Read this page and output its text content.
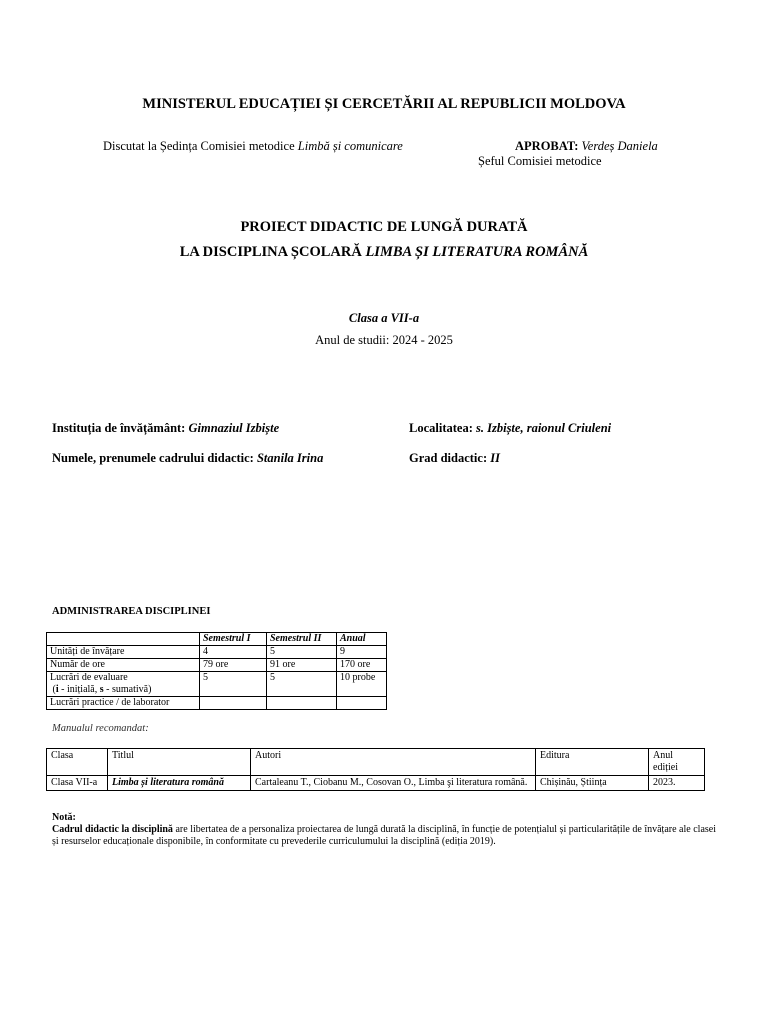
MINISTERUL EDUCAȚIEI ȘI CERCETĂRII AL REPUBLICII MOLDOVA
Discutat la Ședința Comisiei metodice Limbă și comunicare	APROBAT: Verdeș Daniela
Șeful Comisiei metodice
PROIECT DIDACTIC DE LUNGĂ DURATĂ
LA DISCIPLINA ȘCOLARĂ LIMBA ȘI LITERATURA ROMÂNĂ
Clasa a VII-a
Anul de studii: 2024 - 2025
Instituția de învățământ: Gimnaziul Izbiște	Localitatea: s. Izbiște, raionul Criuleni
Numele, prenumele cadrului didactic: Stanila Irina	Grad didactic: II
ADMINISTRAREA DISCIPLINEI
	Semestrul I	Semestrul II	Anual
Unități de învățare	4	5	9
Număr de ore	79 ore	91 ore	170 ore

Lucrări de evaluare
(i - inițială, s - sumativă)	5	5	10 probe
Lucrări practice / de laborator			
Manualul recomandat:
Clasa	Titlul	Autori	Editura	Anul ediției
Clasa VII-a	Limba și literatura română	Cartaleanu T., Ciobanu M., Cosovan O., Limba şi literatura română.	Chișinău, Știința	2023.
Notă:
Cadrul didactic la disciplină are libertatea de a personaliza proiectarea de lungă durată la disciplină, în funcție de potențialul și particularitățile de învățare ale clasei și resurselor educaționale disponibile, în conformitate cu prevederile curriculumului la disciplină (ediția 2019).
